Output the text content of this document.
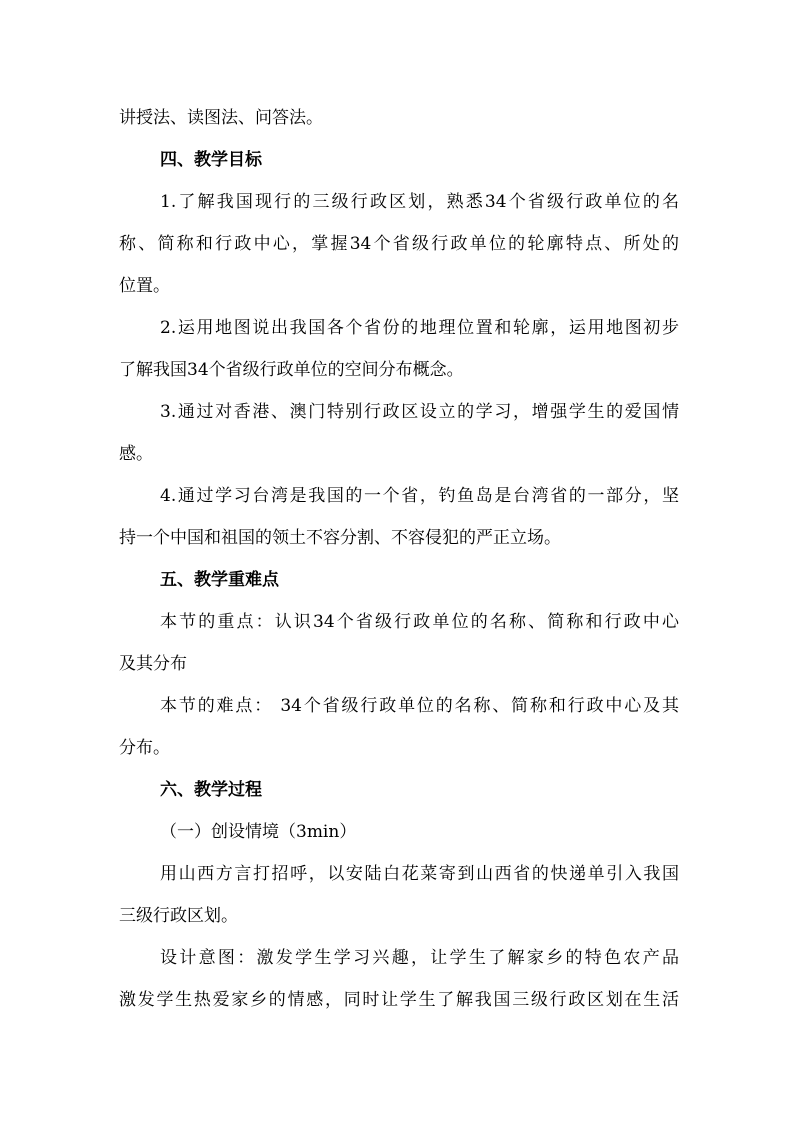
讲授法、读图法、问答法。
四、教学目标
1.了解我国现行的三级行政区划，熟悉34个省级行政单位的名
称、简称和行政中心，掌握34个省级行政单位的轮廓特点、所处的
位置。
2.运用地图说出我国各个省份的地理位置和轮廓，运用地图初步
了解我国34个省级行政单位的空间分布概念。
3.通过对香港、澳门特别行政区设立的学习，增强学生的爱国情
感。
4.通过学习台湾是我国的一个省，钓鱼岛是台湾省的一部分，坚
持一个中国和祖国的领土不容分割、不容侵犯的严正立场。
五、教学重难点
本节的重点：认识34个省级行政单位的名称、简称和行政中心
及其分布
本节的难点： 34个省级行政单位的名称、简称和行政中心及其
分布。
六、教学过程
（一）创设情境（3min）
用山西方言打招呼，以安陆白花菜寄到山西省的快递单引入我国
三级行政区划。
设计意图：激发学生学习兴趣，让学生了解家乡的特色农产品
激发学生热爱家乡的情感，同时让学生了解我国三级行政区划在生活
